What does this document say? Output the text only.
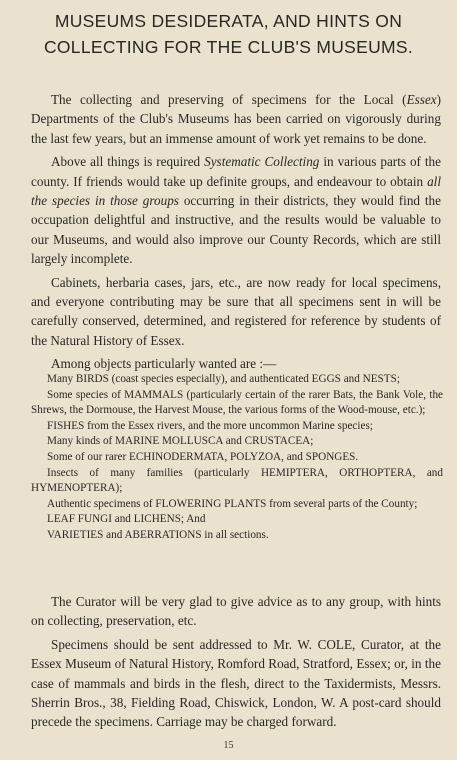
MUSEUMS DESIDERATA, AND HINTS ON
COLLECTING FOR THE CLUB'S MUSEUMS.

The collecting and preserving of specimens for the Local (Essex) Departments of the Club's Museums has been carried on vigorously during the last few years, but an immense amount of work yet remains to be done.

Above all things is required Systematic Collecting in various parts of the county. If friends would take up definite groups, and endeavour to obtain all the species in those groups occurring in their districts, they would find the occupation delightful and instructive, and the results would be valuable to our Museums, and would also improve our County Records, which are still largely incomplete.

Cabinets, herbaria cases, jars, etc., are now ready for local specimens, and everyone contributing may be sure that all specimens sent in will be carefully conserved, determined, and registered for reference by students of the Natural History of Essex.

Among objects particularly wanted are :—

Many BIRDS (coast species especially), and authenticated EGGS and NESTS;

Some species of MAMMALS (particularly certain of the rarer Bats, the Bank Vole, the Shrews, the Dormouse, the Harvest Mouse, the various forms of the Wood-mouse, etc.);

FISHES from the Essex rivers, and the more uncommon Marine species;

Many kinds of MARINE MOLLUSCA and CRUSTACEA;

Some of our rarer ECHINODERMATA, POLYZOA, and SPONGES.

Insects of many families (particularly HEMIPTERA, ORTHOPTERA, and HYMENOPTERA);

Authentic specimens of FLOWERING PLANTS from several parts of the County;

LEAF FUNGI and LICHENS; And

VARIETIES and ABERRATIONS in all sections.

The Curator will be very glad to give advice as to any group, with hints on collecting, preservation, etc.

Specimens should be sent addressed to Mr. W. COLE, Curator, at the Essex Museum of Natural History, Romford Road, Stratford, Essex; or, in the case of mammals and birds in the flesh, direct to the Taxidermists, Messrs. Sherrin Bros., 38, Fielding Road, Chiswick, London, W. A post-card should precede the specimens. Carriage may be charged forward.

15
